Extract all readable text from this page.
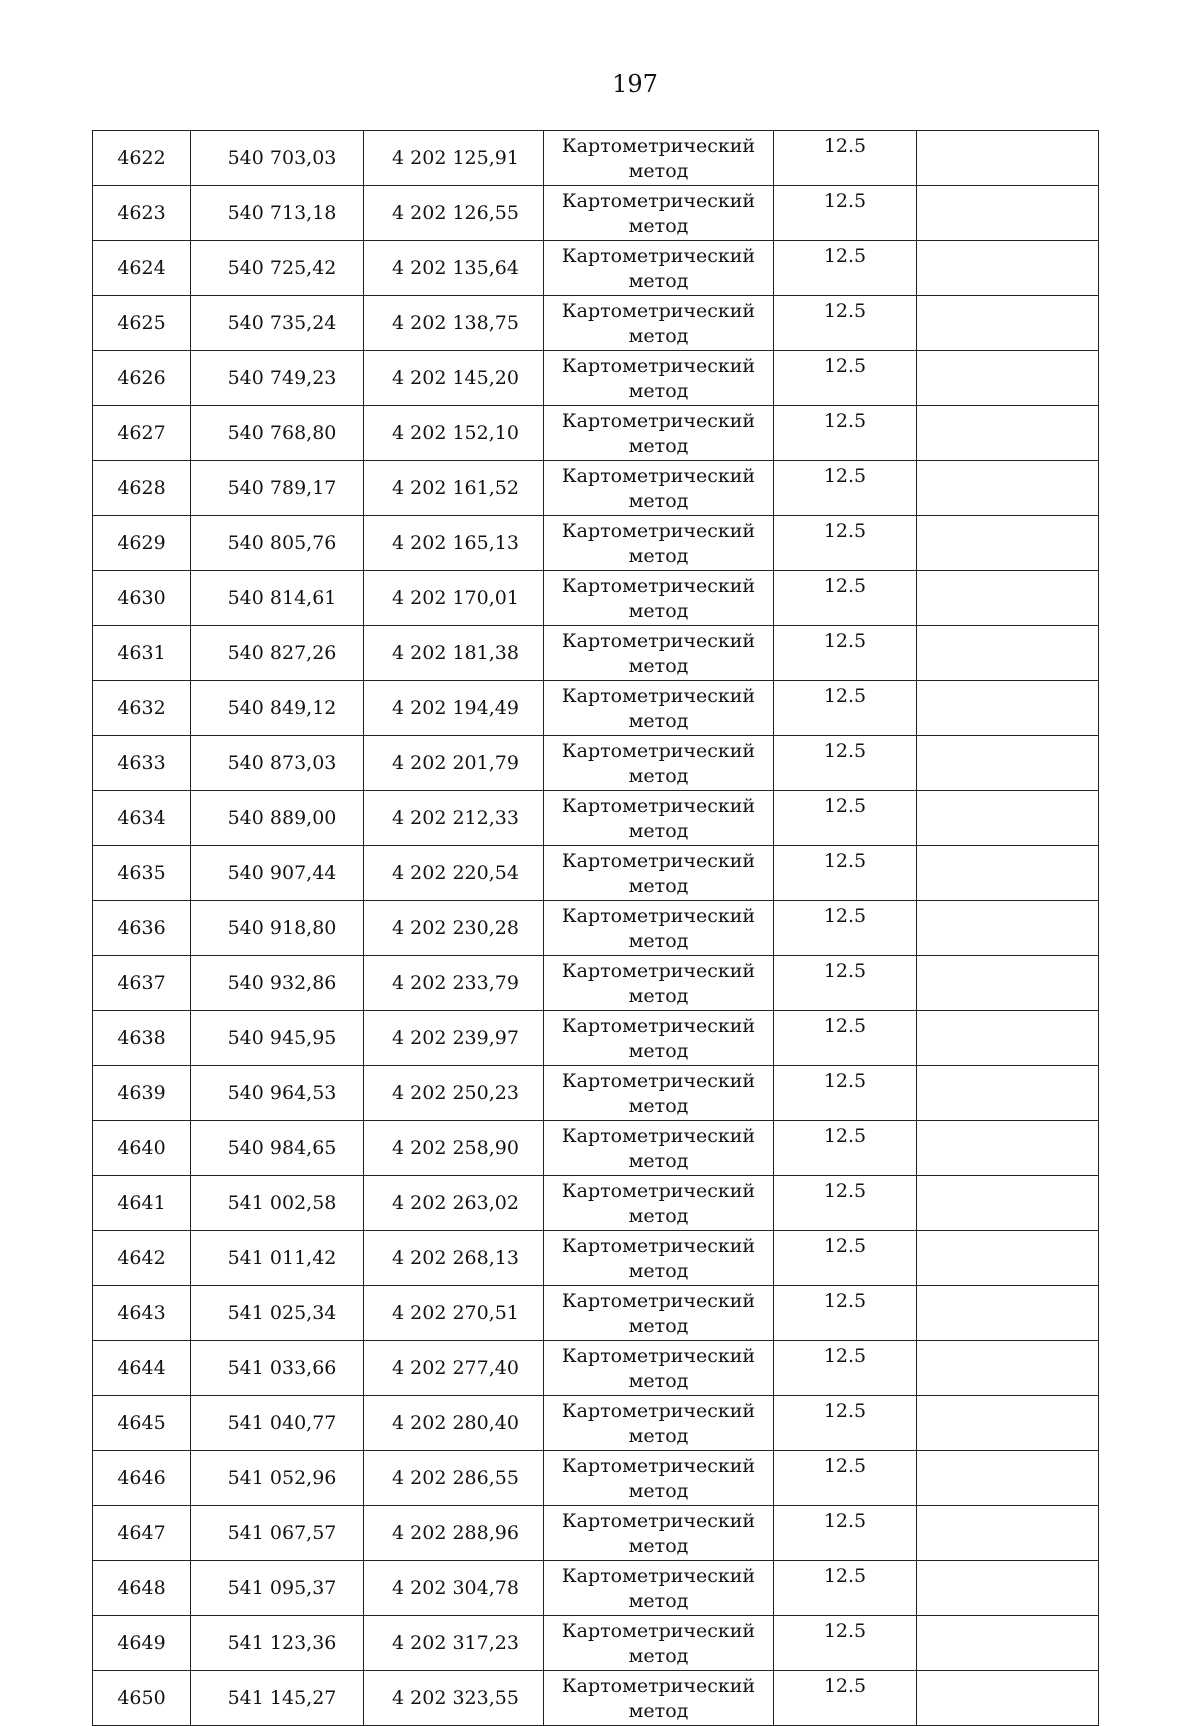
197
4622	540 703,03	4 202 125,91	Картометрический
метод	12.5	

4623	540 713,18	4 202 126,55	Картометрический
метод	12.5	

4624	540 725,42	4 202 135,64	Картометрический
метод	12.5	

4625	540 735,24	4 202 138,75	Картометрический
метод	12.5	

4626	540 749,23	4 202 145,20	Картометрический
метод	12.5	

4627	540 768,80	4 202 152,10	Картометрический
метод	12.5	

4628	540 789,17	4 202 161,52	Картометрический
метод	12.5	

4629	540 805,76	4 202 165,13	Картометрический
метод	12.5	

4630	540 814,61	4 202 170,01	Картометрический
метод	12.5	

4631	540 827,26	4 202 181,38	Картометрический
метод	12.5	

4632	540 849,12	4 202 194,49	Картометрический
метод	12.5	

4633	540 873,03	4 202 201,79	Картометрический
метод	12.5	

4634	540 889,00	4 202 212,33	Картометрический
метод	12.5	

4635	540 907,44	4 202 220,54	Картометрический
метод	12.5	

4636	540 918,80	4 202 230,28	Картометрический
метод	12.5	

4637	540 932,86	4 202 233,79	Картометрический
метод	12.5	

4638	540 945,95	4 202 239,97	Картометрический
метод	12.5	

4639	540 964,53	4 202 250,23	Картометрический
метод	12.5	

4640	540 984,65	4 202 258,90	Картометрический
метод	12.5	

4641	541 002,58	4 202 263,02	Картометрический
метод	12.5	

4642	541 011,42	4 202 268,13	Картометрический
метод	12.5	

4643	541 025,34	4 202 270,51	Картометрический
метод	12.5	

4644	541 033,66	4 202 277,40	Картометрический
метод	12.5	

4645	541 040,77	4 202 280,40	Картометрический
метод	12.5	

4646	541 052,96	4 202 286,55	Картометрический
метод	12.5	

4647	541 067,57	4 202 288,96	Картометрический
метод	12.5	

4648	541 095,37	4 202 304,78	Картометрический
метод	12.5	

4649	541 123,36	4 202 317,23	Картометрический
метод	12.5	

4650	541 145,27	4 202 323,55	Картометрический
метод	12.5	
